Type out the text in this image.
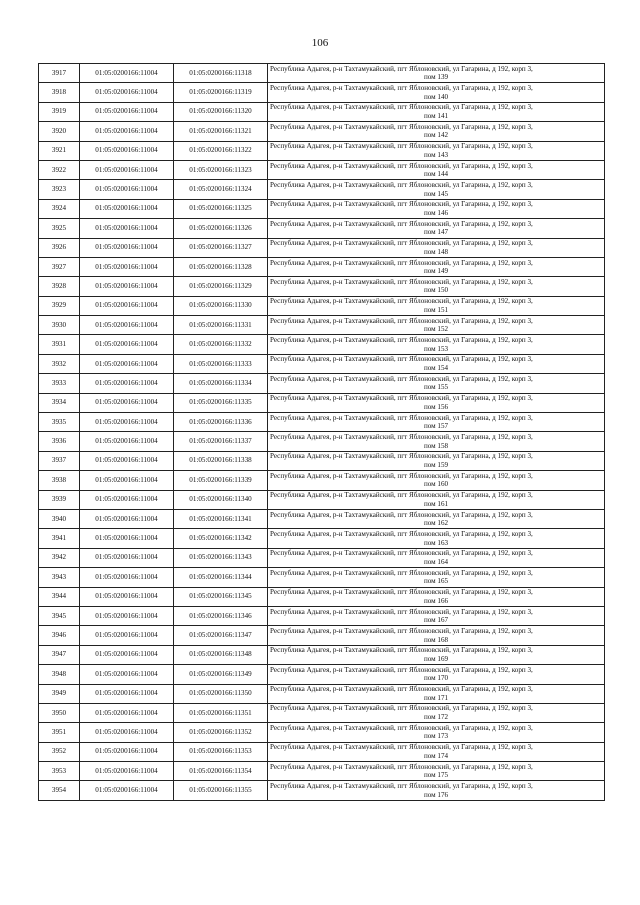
106
3917	01:05:0200166:11004	01:05:0200166:11318	Республика Адыгея, р-н Тахтамукайский, пгт Яблоновский, ул Гагарина, д 192, корп 3,
пом 139

3918	01:05:0200166:11004	01:05:0200166:11319	Республика Адыгея, р-н Тахтамукайский, пгт Яблоновский, ул Гагарина, д 192, корп 3,
пом 140

3919	01:05:0200166:11004	01:05:0200166:11320	Республика Адыгея, р-н Тахтамукайский, пгт Яблоновский, ул Гагарина, д 192, корп 3,
пом 141

3920	01:05:0200166:11004	01:05:0200166:11321	Республика Адыгея, р-н Тахтамукайский, пгт Яблоновский, ул Гагарина, д 192, корп 3,
пом 142

3921	01:05:0200166:11004	01:05:0200166:11322	Республика Адыгея, р-н Тахтамукайский, пгт Яблоновский, ул Гагарина, д 192, корп 3,
пом 143

3922	01:05:0200166:11004	01:05:0200166:11323	Республика Адыгея, р-н Тахтамукайский, пгт Яблоновский, ул Гагарина, д 192, корп 3,
пом 144

3923	01:05:0200166:11004	01:05:0200166:11324	Республика Адыгея, р-н Тахтамукайский, пгт Яблоновский, ул Гагарина, д 192, корп 3,
пом 145

3924	01:05:0200166:11004	01:05:0200166:11325	Республика Адыгея, р-н Тахтамукайский, пгт Яблоновский, ул Гагарина, д 192, корп 3,
пом 146

3925	01:05:0200166:11004	01:05:0200166:11326	Республика Адыгея, р-н Тахтамукайский, пгт Яблоновский, ул Гагарина, д 192, корп 3,
пом 147

3926	01:05:0200166:11004	01:05:0200166:11327	Республика Адыгея, р-н Тахтамукайский, пгт Яблоновский, ул Гагарина, д 192, корп 3,
пом 148

3927	01:05:0200166:11004	01:05:0200166:11328	Республика Адыгея, р-н Тахтамукайский, пгт Яблоновский, ул Гагарина, д 192, корп 3,
пом 149

3928	01:05:0200166:11004	01:05:0200166:11329	Республика Адыгея, р-н Тахтамукайский, пгт Яблоновский, ул Гагарина, д 192, корп 3,
пом 150

3929	01:05:0200166:11004	01:05:0200166:11330	Республика Адыгея, р-н Тахтамукайский, пгт Яблоновский, ул Гагарина, д 192, корп 3,
пом 151

3930	01:05:0200166:11004	01:05:0200166:11331	Республика Адыгея, р-н Тахтамукайский, пгт Яблоновский, ул Гагарина, д 192, корп 3,
пом 152

3931	01:05:0200166:11004	01:05:0200166:11332	Республика Адыгея, р-н Тахтамукайский, пгт Яблоновский, ул Гагарина, д 192, корп 3,
пом 153

3932	01:05:0200166:11004	01:05:0200166:11333	Республика Адыгея, р-н Тахтамукайский, пгт Яблоновский, ул Гагарина, д 192, корп 3,
пом 154

3933	01:05:0200166:11004	01:05:0200166:11334	Республика Адыгея, р-н Тахтамукайский, пгт Яблоновский, ул Гагарина, д 192, корп 3,
пом 155

3934	01:05:0200166:11004	01:05:0200166:11335	Республика Адыгея, р-н Тахтамукайский, пгт Яблоновский, ул Гагарина, д 192, корп 3,
пом 156

3935	01:05:0200166:11004	01:05:0200166:11336	Республика Адыгея, р-н Тахтамукайский, пгт Яблоновский, ул Гагарина, д 192, корп 3,
пом 157

3936	01:05:0200166:11004	01:05:0200166:11337	Республика Адыгея, р-н Тахтамукайский, пгт Яблоновский, ул Гагарина, д 192, корп 3,
пом 158

3937	01:05:0200166:11004	01:05:0200166:11338	Республика Адыгея, р-н Тахтамукайский, пгт Яблоновский, ул Гагарина, д 192, корп 3,
пом 159

3938	01:05:0200166:11004	01:05:0200166:11339	Республика Адыгея, р-н Тахтамукайский, пгт Яблоновский, ул Гагарина, д 192, корп 3,
пом 160

3939	01:05:0200166:11004	01:05:0200166:11340	Республика Адыгея, р-н Тахтамукайский, пгт Яблоновский, ул Гагарина, д 192, корп 3,
пом 161

3940	01:05:0200166:11004	01:05:0200166:11341	Республика Адыгея, р-н Тахтамукайский, пгт Яблоновский, ул Гагарина, д 192, корп 3,
пом 162

3941	01:05:0200166:11004	01:05:0200166:11342	Республика Адыгея, р-н Тахтамукайский, пгт Яблоновский, ул Гагарина, д 192, корп 3,
пом 163

3942	01:05:0200166:11004	01:05:0200166:11343	Республика Адыгея, р-н Тахтамукайский, пгт Яблоновский, ул Гагарина, д 192, корп 3,
пом 164

3943	01:05:0200166:11004	01:05:0200166:11344	Республика Адыгея, р-н Тахтамукайский, пгт Яблоновский, ул Гагарина, д 192, корп 3,
пом 165

3944	01:05:0200166:11004	01:05:0200166:11345	Республика Адыгея, р-н Тахтамукайский, пгт Яблоновский, ул Гагарина, д 192, корп 3,
пом 166

3945	01:05:0200166:11004	01:05:0200166:11346	Республика Адыгея, р-н Тахтамукайский, пгт Яблоновский, ул Гагарина, д 192, корп 3,
пом 167

3946	01:05:0200166:11004	01:05:0200166:11347	Республика Адыгея, р-н Тахтамукайский, пгт Яблоновский, ул Гагарина, д 192, корп 3,
пом 168

3947	01:05:0200166:11004	01:05:0200166:11348	Республика Адыгея, р-н Тахтамукайский, пгт Яблоновский, ул Гагарина, д 192, корп 3,
пом 169

3948	01:05:0200166:11004	01:05:0200166:11349	Республика Адыгея, р-н Тахтамукайский, пгт Яблоновский, ул Гагарина, д 192, корп 3,
пом 170

3949	01:05:0200166:11004	01:05:0200166:11350	Республика Адыгея, р-н Тахтамукайский, пгт Яблоновский, ул Гагарина, д 192, корп 3,
пом 171

3950	01:05:0200166:11004	01:05:0200166:11351	Республика Адыгея, р-н Тахтамукайский, пгт Яблоновский, ул Гагарина, д 192, корп 3,
пом 172

3951	01:05:0200166:11004	01:05:0200166:11352	Республика Адыгея, р-н Тахтамукайский, пгт Яблоновский, ул Гагарина, д 192, корп 3,
пом 173

3952	01:05:0200166:11004	01:05:0200166:11353	Республика Адыгея, р-н Тахтамукайский, пгт Яблоновский, ул Гагарина, д 192, корп 3,
пом 174

3953	01:05:0200166:11004	01:05:0200166:11354	Республика Адыгея, р-н Тахтамукайский, пгт Яблоновский, ул Гагарина, д 192, корп 3,
пом 175

3954	01:05:0200166:11004	01:05:0200166:11355	Республика Адыгея, р-н Тахтамукайский, пгт Яблоновский, ул Гагарина, д 192, корп 3,
пом 176
